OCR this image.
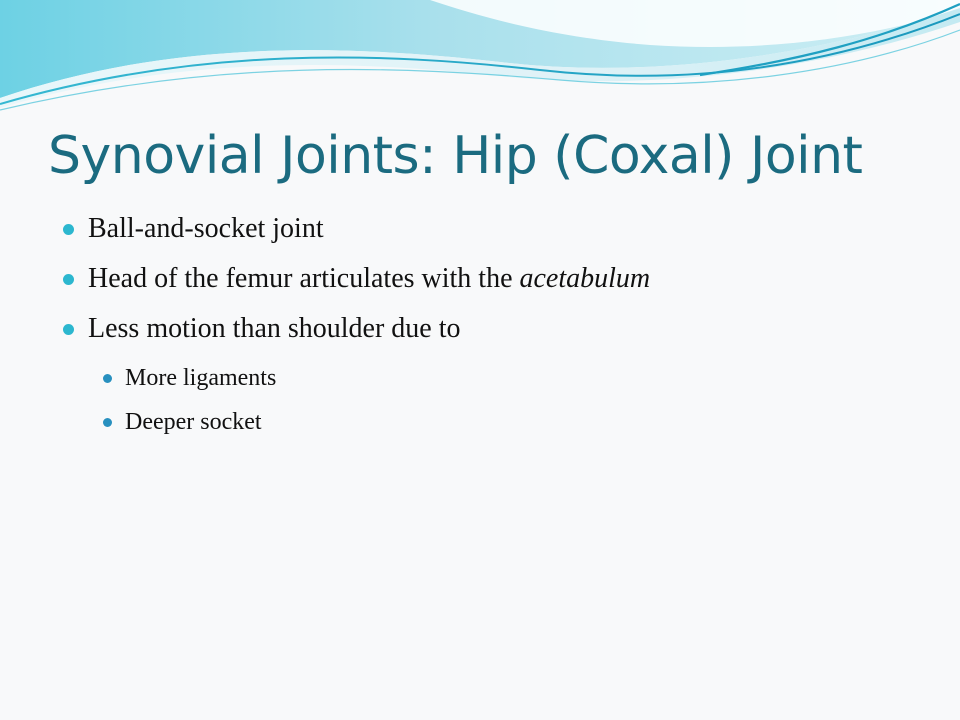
Synovial Joints: Hip (Coxal) Joint
Ball-and-socket joint
Head of the femur articulates with the acetabulum
Less motion than shoulder due to
More ligaments
Deeper socket
